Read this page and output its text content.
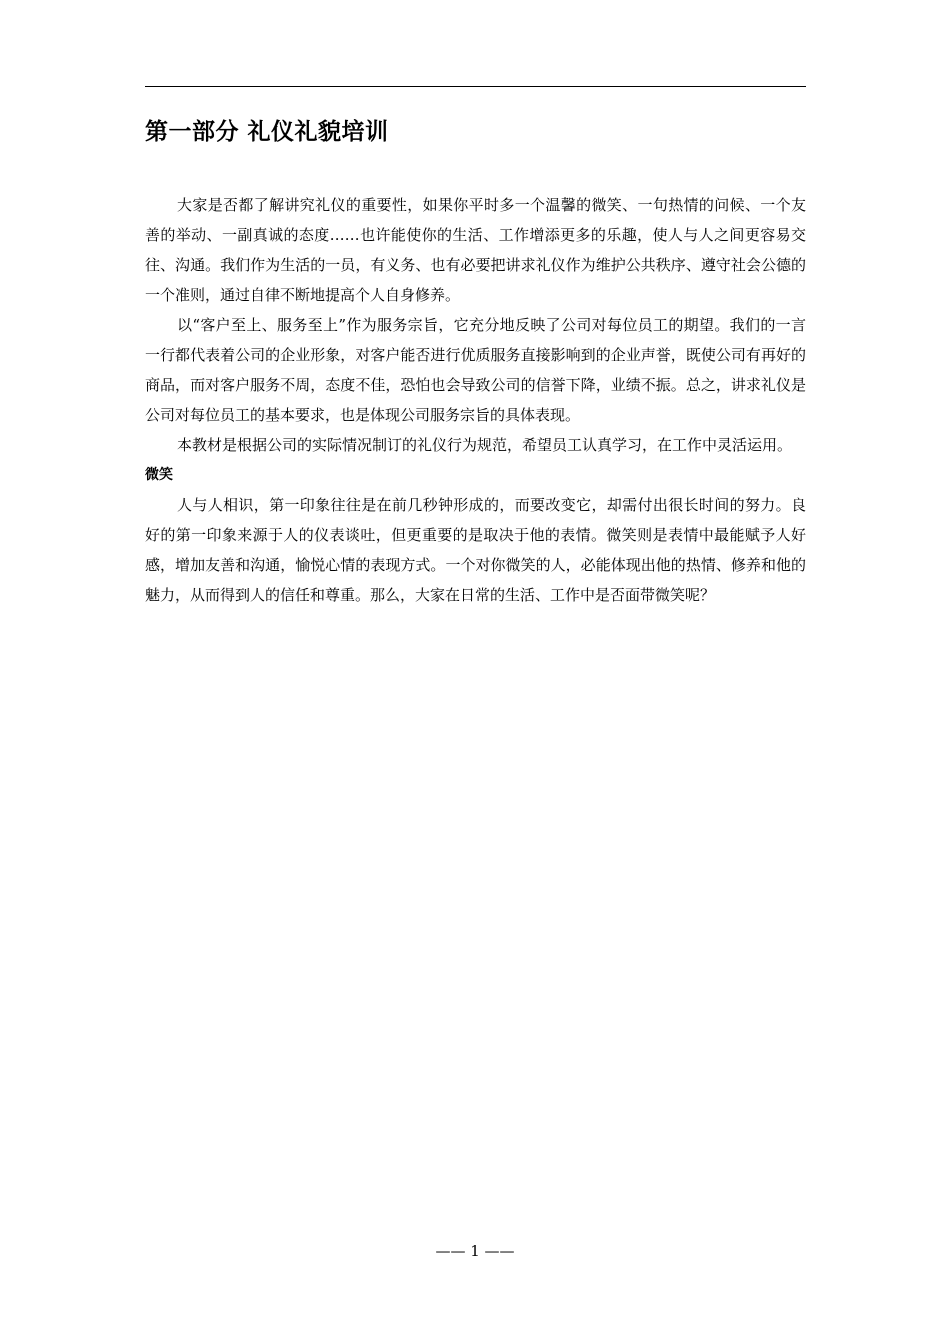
第一部分 礼仪礼貌培训

大家是否都了解讲究礼仪的重要性，如果你平时多一个温馨的微笑、一句热情的问候、一个友善的举动、一副真诚的态度……也许能使你的生活、工作增添更多的乐趣，使人与人之间更容易交往、沟通。我们作为生活的一员，有义务、也有必要把讲求礼仪作为维护公共秩序、遵守社会公德的一个准则，通过自律不断地提高个人自身修养。

以“客户至上、服务至上”作为服务宗旨，它充分地反映了公司对每位员工的期望。我们的一言一行都代表着公司的企业形象，对客户能否进行优质服务直接影响到的企业声誉，既使公司有再好的商品，而对客户服务不周，态度不佳，恐怕也会导致公司的信誉下降，业绩不振。总之，讲求礼仪是公司对每位员工的基本要求，也是体现公司服务宗旨的具体表现。

本教材是根据公司的实际情况制订的礼仪行为规范，希望员工认真学习，在工作中灵活运用。

微笑

人与人相识，第一印象往往是在前几秒钟形成的，而要改变它，却需付出很长时间的努力。良好的第一印象来源于人的仪表谈吐，但更重要的是取决于他的表情。微笑则是表情中最能赋予人好感，增加友善和沟通，愉悦心情的表现方式。一个对你微笑的人，必能体现出他的热情、修养和他的魅力，从而得到人的信任和尊重。那么，大家在日常的生活、工作中是否面带微笑呢？

—— 1 ——
